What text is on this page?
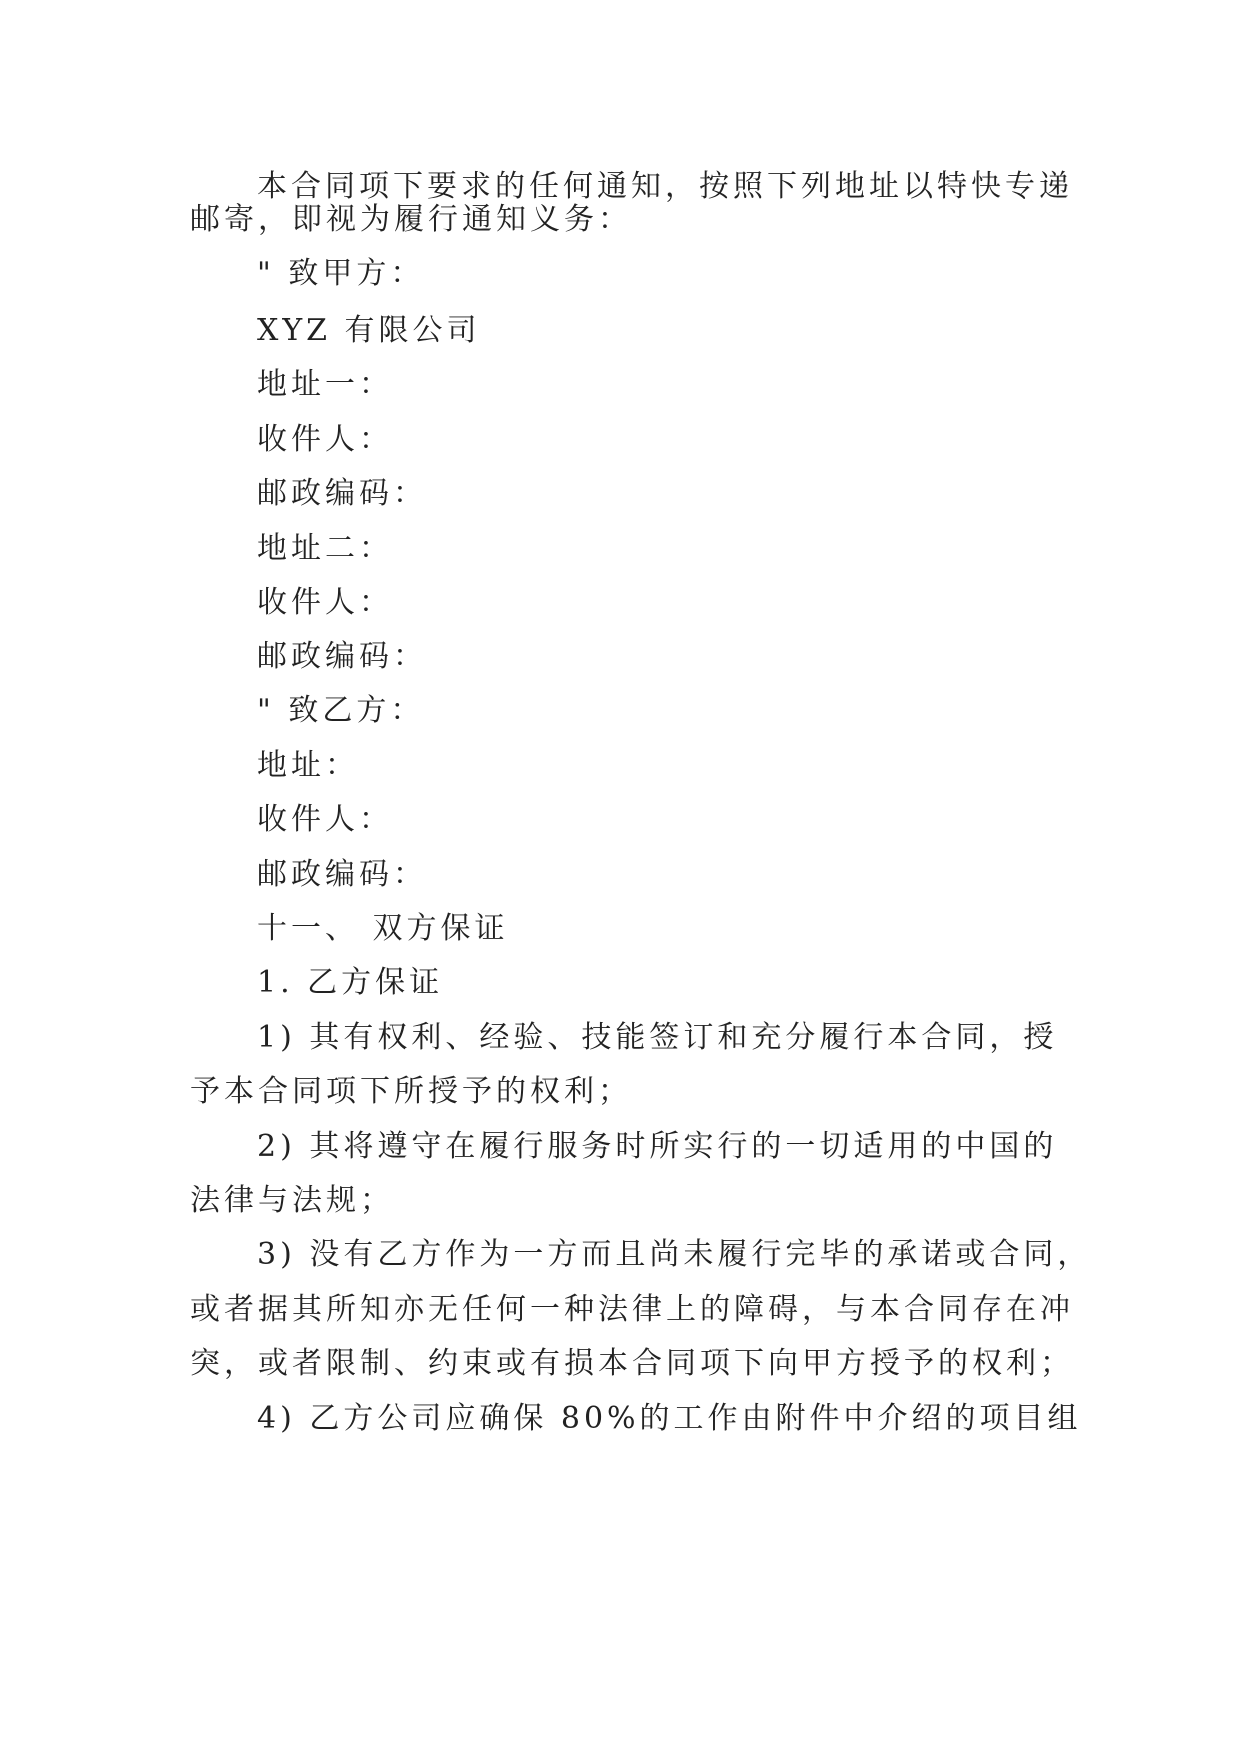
本合同项下要求的任何通知，按照下列地址以特快专递

邮寄，即视为履行通知义务：

" 致甲方：

XYZ 有限公司

地址一：

收件人：

邮政编码：

地址二：

收件人：

邮政编码：

" 致乙方：

地址：

收件人：

邮政编码：

十一、 双方保证

1. 乙方保证

1) 其有权利、经验、技能签订和充分履行本合同，授

予本合同项下所授予的权利；

2) 其将遵守在履行服务时所实行的一切适用的中国的

法律与法规；

3) 没有乙方作为一方而且尚未履行完毕的承诺或合同，

或者据其所知亦无任何一种法律上的障碍，与本合同存在冲

突，或者限制、约束或有损本合同项下向甲方授予的权利；

4) 乙方公司应确保 80%的工作由附件中介绍的项目组
